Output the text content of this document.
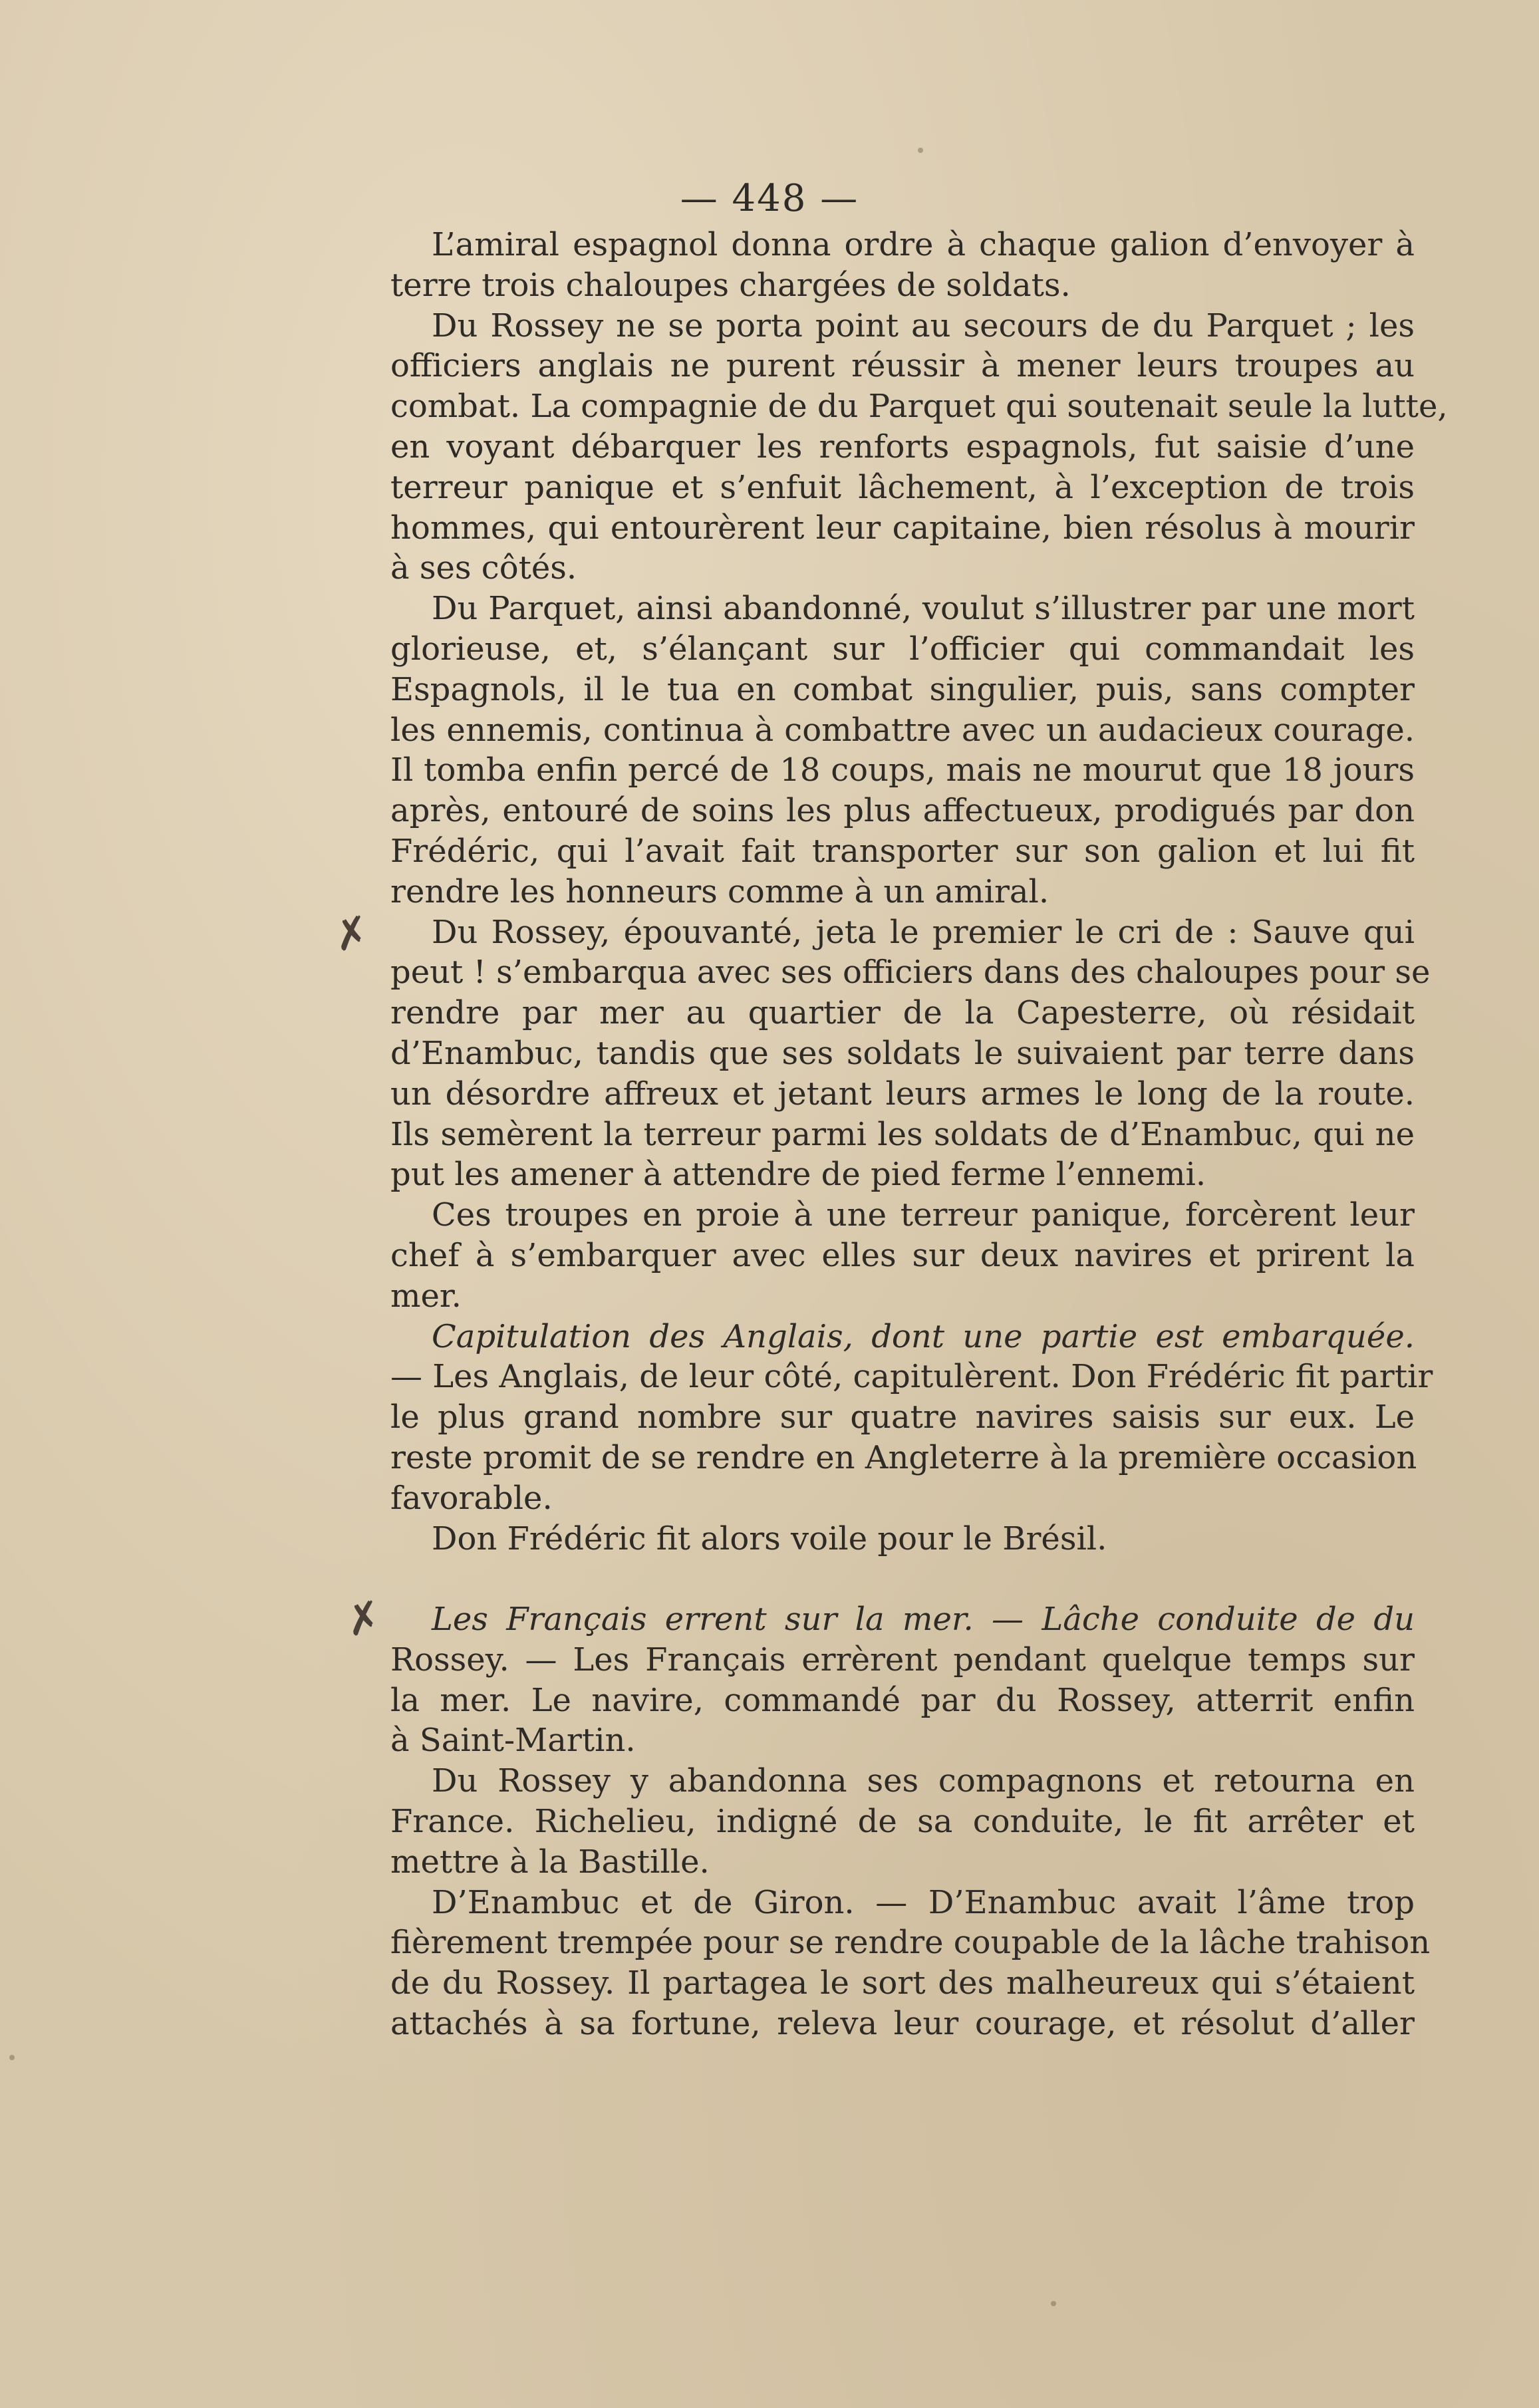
— 448 —
L’amiral espagnol donna ordre à chaque galion d’envoyer à
terre trois chaloupes chargées de soldats.
Du Rossey ne se porta point au secours de du Parquet ; les
officiers anglais ne purent réussir à mener leurs troupes au
combat. La compagnie de du Parquet qui soutenait seule la lutte,
en voyant débarquer les renforts espagnols, fut saisie d’une
terreur panique et s’enfuit lâchement, à l’exception de trois
hommes, qui entourèrent leur capitaine, bien résolus à mourir
à ses côtés.
Du Parquet, ainsi abandonné, voulut s’illustrer par une mort
glorieuse, et, s’élançant sur l’officier qui commandait les
Espagnols, il le tua en combat singulier, puis, sans compter
les ennemis, continua à combattre avec un audacieux courage.
Il tomba enfin percé de 18 coups, mais ne mourut que 18 jours
après, entouré de soins les plus affectueux, prodigués par don
Frédéric, qui l’avait fait transporter sur son galion et lui fit
rendre les honneurs comme à un amiral.
Du Rossey, épouvanté, jeta le premier le cri de : Sauve qui
peut ! s’embarqua avec ses officiers dans des chaloupes pour se
rendre par mer au quartier de la Capesterre, où résidait
d’Enambuc, tandis que ses soldats le suivaient par terre dans
un désordre affreux et jetant leurs armes le long de la route.
Ils semèrent la terreur parmi les soldats de d’Enambuc, qui ne
put les amener à attendre de pied ferme l’ennemi.
Ces troupes en proie à une terreur panique, forcèrent leur
chef à s’embarquer avec elles sur deux navires et prirent la
mer.
Capitulation des Anglais, dont une partie est embarquée.
— Les Anglais, de leur côté, capitulèrent. Don Frédéric fit partir
le plus grand nombre sur quatre navires saisis sur eux. Le
reste promit de se rendre en Angleterre à la première occasion
favorable.
Don Frédéric fit alors voile pour le Brésil.
Les Français errent sur la mer. — Lâche conduite de du
Rossey. — Les Français errèrent pendant quelque temps sur
la mer. Le navire, commandé par du Rossey, atterrit enfin
à Saint-Martin.
Du Rossey y abandonna ses compagnons et retourna en
France. Richelieu, indigné de sa conduite, le fit arrêter et
mettre à la Bastille.
D’Enambuc et de Giron. — D’Enambuc avait l’âme trop
fièrement trempée pour se rendre coupable de la lâche trahison
de du Rossey. Il partagea le sort des malheureux qui s’étaient
attachés à sa fortune, releva leur courage, et résolut d’aller
✗
✗
